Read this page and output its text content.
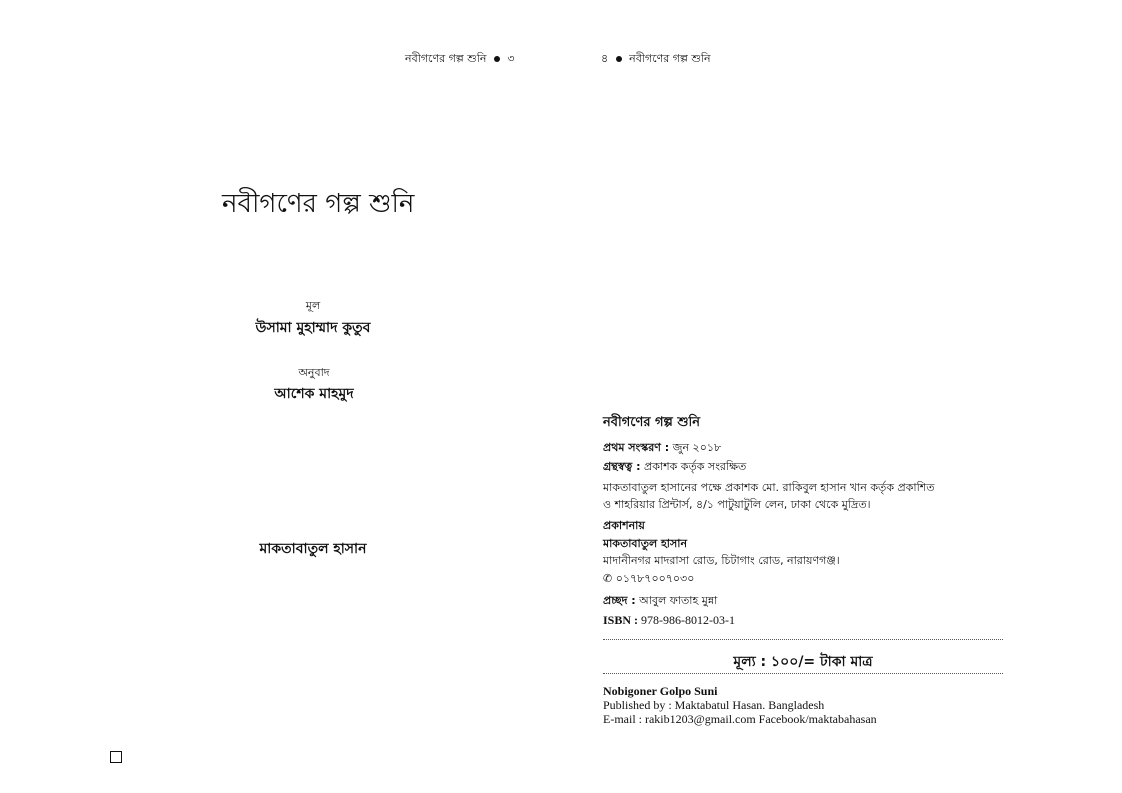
নবীগণের গল্প শুনি ৩	৪ নবীগণের গল্প শুনি
নবীগণের গল্প শুনি
মূল
উসামা মুহাম্মাদ কুতুব
অনুবাদ
আশেক মাহমুদ
মাকতাবাতুল হাসান
নবীগণের গল্প শুনি
প্রথম সংস্করণ : জুন ২০১৮
গ্রন্থস্বত্ব : প্রকাশক কর্তৃক সংরক্ষিত
মাকতাবাতুল হাসানের পক্ষে প্রকাশক মো. রাকিবুল হাসান খান কর্তৃক প্রকাশিত
ও শাহরিয়ার প্রিন্টার্স, ৪/১ পাটুয়াটুলি লেন, ঢাকা থেকে মুদ্রিত।
প্রকাশনায়
মাকতাবাতুল হাসান
মাদানীনগর মাদরাসা রোড, চিটাগাং রোড, নারায়ণগঞ্জ।
✆ ০১৭৮৭০০৭০৩০
প্রচ্ছদ : আবুল ফাতাহ মুন্না
ISBN : 978-986-8012-03-1
মূল্য : ১০০/= টাকা মাত্র
Nobigoner Golpo Suni
Published by : Maktabatul Hasan. Bangladesh
E-mail : rakib1203@gmail.com Facebook/maktabahasan
